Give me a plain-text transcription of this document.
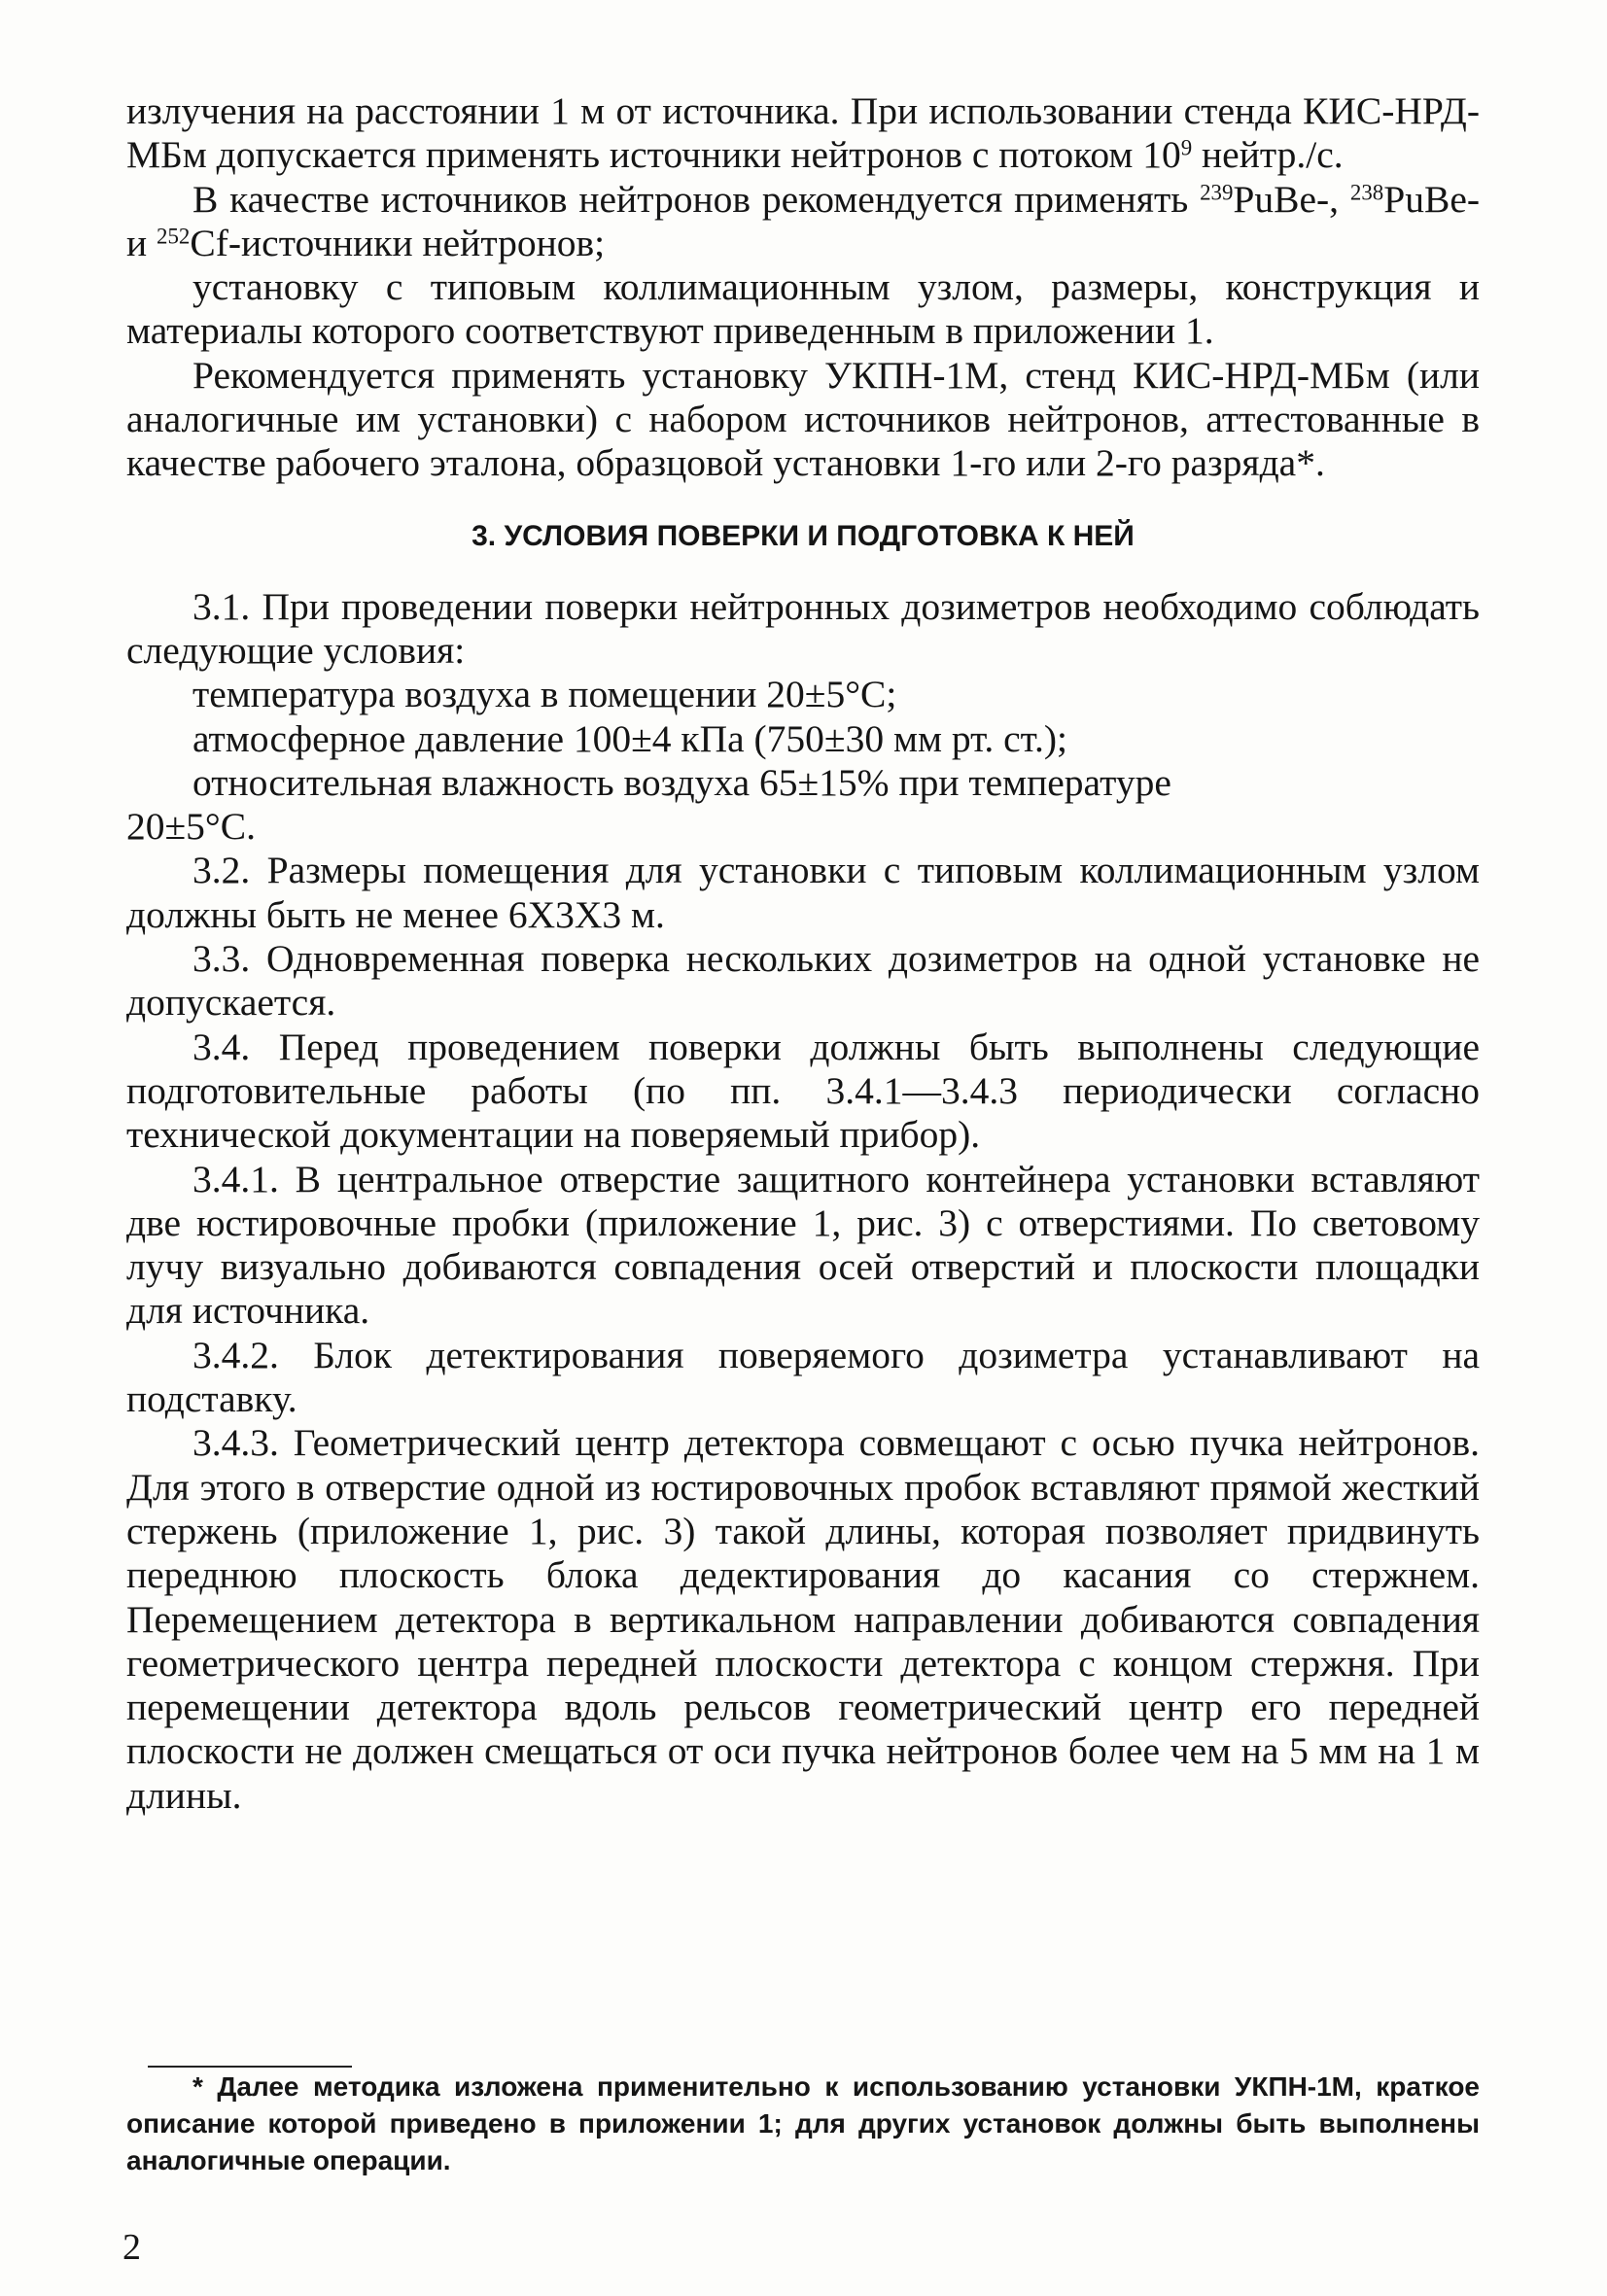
излучения на расстоянии 1 м от источника. При использовании стенда КИС-НРД-МБм допускается применять источники нейтронов с потоком $10^9$ нейтр./с.

В качестве источников нейтронов рекомендуется применять $^{239}$PuBe-, $^{238}$PuBe- и $^{252}$Cf-источники нейтронов;

установку с типовым коллимационным узлом, размеры, конструкция и материалы которого соответствуют приведенным в приложении 1.

Рекомендуется применять установку УКПН-1М, стенд КИС-НРД-МБм (или аналогичные им установки) с набором источников нейтронов, аттестованные в качестве рабочего эталона, образцовой установки 1-го или 2-го разряда*.

3. УСЛОВИЯ ПОВЕРКИ И ПОДГОТОВКА К НЕЙ

3.1. При проведении поверки нейтронных дозиметров необходимо соблюдать следующие условия:

температура воздуха в помещении 20±5°С;

атмосферное давление 100±4 кПа (750±30 мм рт. ст.);

относительная влажность воздуха 65±15% при температуре

20±5°С.

3.2. Размеры помещения для установки с типовым коллимационным узлом должны быть не менее 6X3X3 м.

3.3. Одновременная поверка нескольких дозиметров на одной установке не допускается.

3.4. Перед проведением поверки должны быть выполнены следующие подготовительные работы (по пп. 3.4.1—3.4.3 периодически согласно технической документации на поверяемый прибор).

3.4.1. В центральное отверстие защитного контейнера установки вставляют две юстировочные пробки (приложение 1, рис. 3) с отверстиями. По световому лучу визуально добиваются совпадения осей отверстий и плоскости площадки для источника.

3.4.2. Блок детектирования поверяемого дозиметра устанавливают на подставку.

3.4.3. Геометрический центр детектора совмещают с осью пучка нейтронов. Для этого в отверстие одной из юстировочных пробок вставляют прямой жесткий стержень (приложение 1, рис. 3) такой длины, которая позволяет придвинуть переднюю плоскость блока дедектирования до касания со стержнем. Перемещением детектора в вертикальном направлении добиваются совпадения геометрического центра передней плоскости детектора с концом стержня. При перемещении детектора вдоль рельсов геометрический центр его передней плоскости не должен смещаться от оси пучка нейтронов более чем на 5 мм на 1 м длины.

* Далее методика изложена применительно к использованию установки УКПН-1М, краткое описание которой приведено в приложении 1; для других установок должны быть выполнены аналогичные операции.

2
